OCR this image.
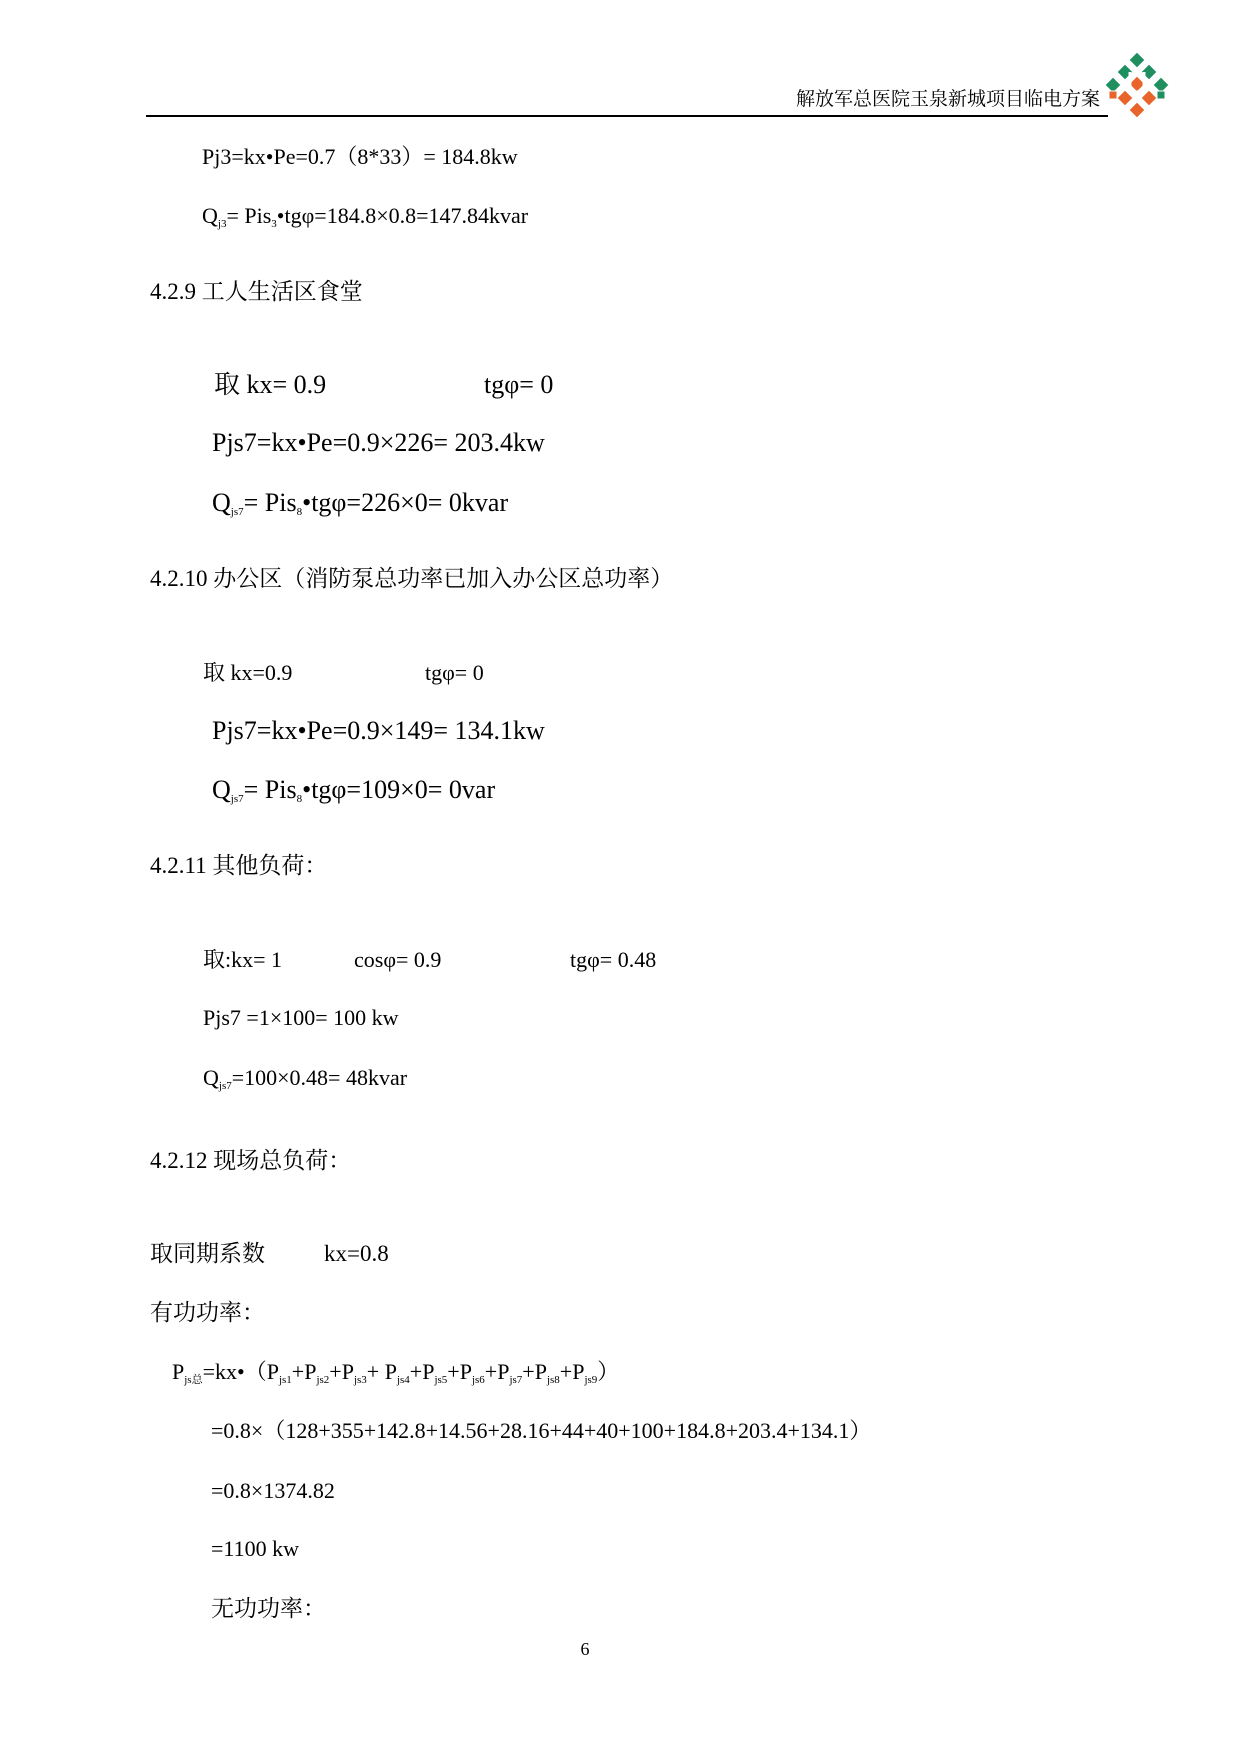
解放军总医院玉泉新城项目临电方案
Pj3=kx•Pe=0.7（8*33）= 184.8kw
$Q_{j3}=$ Pis$_3$•tgφ=184.8×0.8=147.84kvar
4.2.9 工人生活区食堂
取 kx= 0.9	tgφ= 0
Pjs7=kx•Pe=0.9×226= 203.4kw
$Q_{js7}=$ Pis$_8$•tgφ=226×0= 0kvar
4.2.10 办公区（消防泵总功率已加入办公区总功率）
取 kx=0.9	tgφ= 0
Pjs7=kx•Pe=0.9×149= 134.1kw
$Q_{js7}=$ Pis$_8$•tgφ=109×0= 0var
4.2.11 其他负荷：
取:kx= 1	cosφ= 0.9	tgφ= 0.48
Pjs7 =1×100= 100 kw
$Q_{js7}=100\times 0.48=$ 48kvar
4.2.12 现场总负荷：
取同期系数	kx=0.8
有功功率：
$P_{js总}=kx•(P_{js1}+P_{js2}+P_{js3}+ P_{js4}+P_{js5}+P_{js6}+P_{js7}+P_{js8}+P_{js9})$
=0.8×（128+355+142.8+14.56+28.16+44+40+100+184.8+203.4+134.1）
=0.8×1374.82
=1100 kw
无功功率：
6
